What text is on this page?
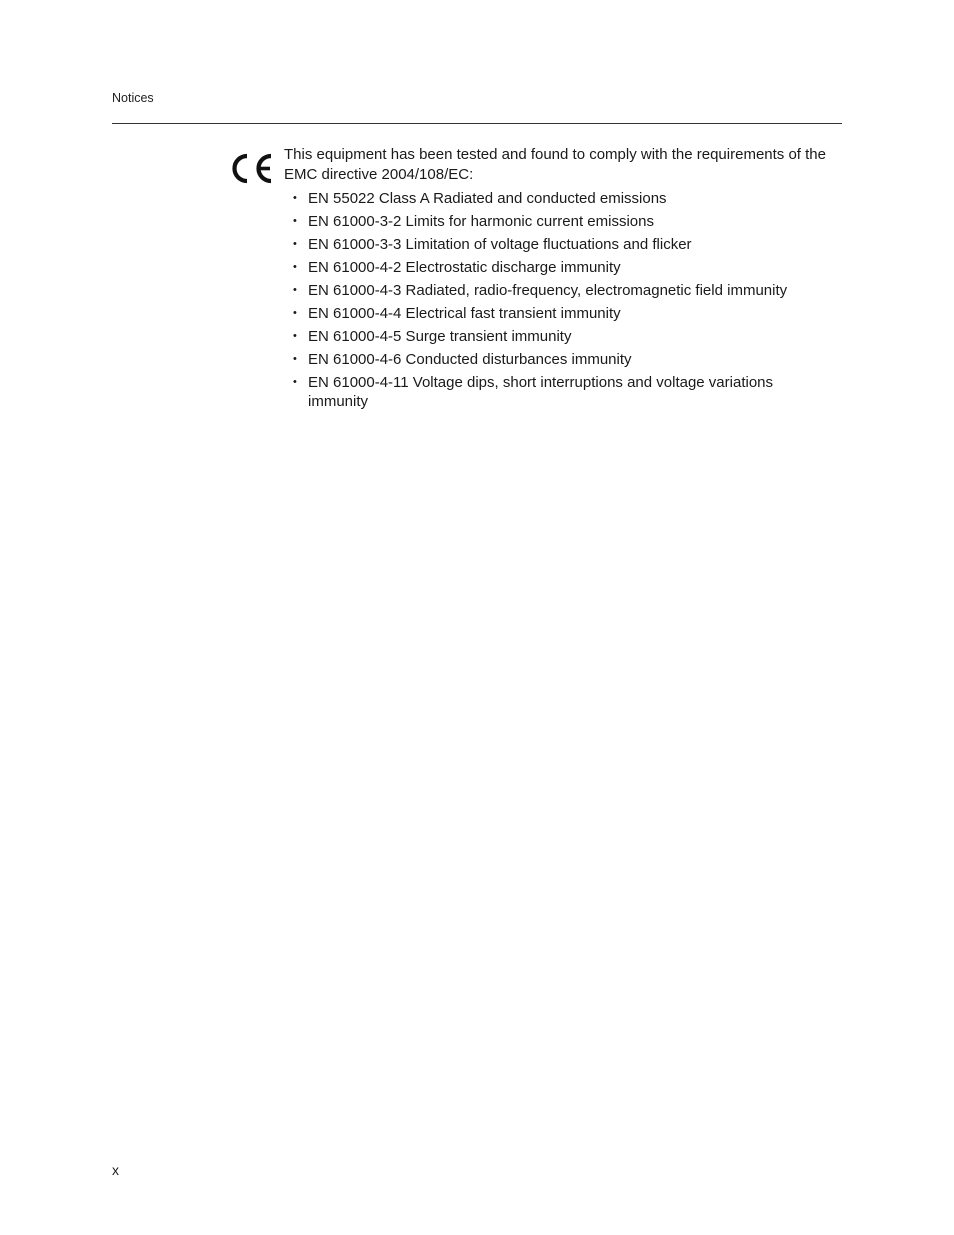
Notices

This equipment has been tested and found to comply with the requirements of the EMC directive 2004/108/EC:

• EN 55022 Class A Radiated and conducted emissions
• EN 61000-3-2 Limits for harmonic current emissions
• EN 61000-3-3 Limitation of voltage fluctuations and flicker
• EN 61000-4-2 Electrostatic discharge immunity
• EN 61000-4-3 Radiated, radio-frequency, electromagnetic field immunity
• EN 61000-4-4 Electrical fast transient immunity
• EN 61000-4-5 Surge transient immunity
• EN 61000-4-6 Conducted disturbances immunity
• EN 61000-4-11 Voltage dips, short interruptions and voltage variations immunity
x
